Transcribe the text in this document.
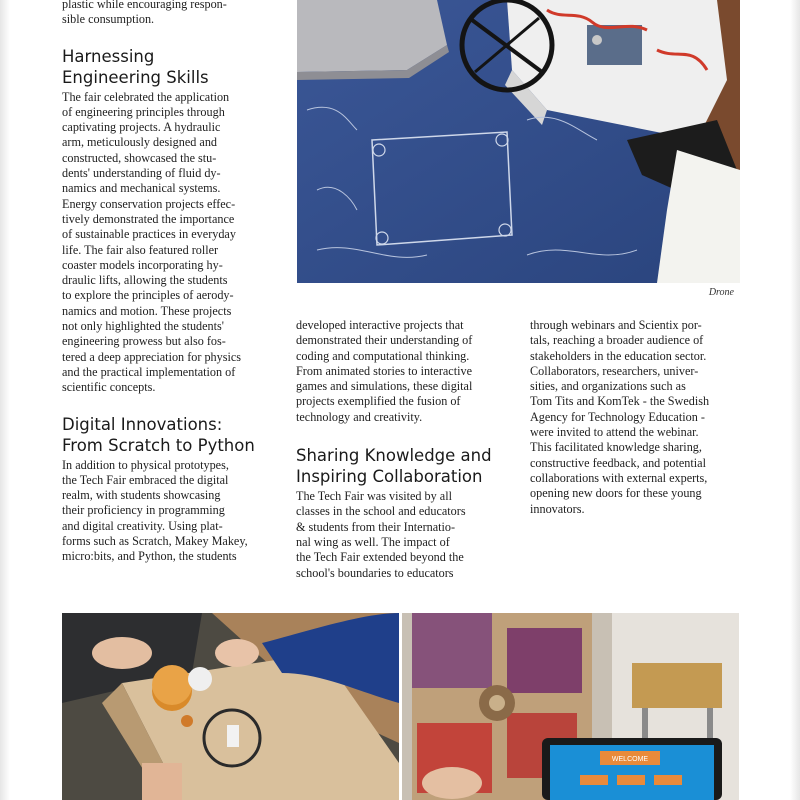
plastic while encouraging respon-
sible consumption.

Harnessing
Engineering Skills

The fair celebrated the application
of engineering principles through
captivating projects. A hydraulic
arm, meticulously designed and
constructed, showcased the stu-
dents' understanding of fluid dy-
namics and mechanical systems.
Energy conservation projects effec-
tively demonstrated the importance
of sustainable practices in everyday
life. The fair also featured roller
coaster models incorporating hy-
draulic lifts, allowing the students
to explore the principles of aerody-
namics and motion. These projects
not only highlighted the students'
engineering prowess but also fos-
tered a deep appreciation for physics
and the practical implementation of
scientific concepts.

Digital Innovations:
From Scratch to Python

In addition to physical prototypes,
the Tech Fair embraced the digital
realm, with students showcasing
their proficiency in programming
and digital creativity. Using plat-
forms such as Scratch, Makey Makey,
micro:bits, and Python, the students

Drone

developed interactive projects that
demonstrated their understanding of
coding and computational thinking.
From animated stories to interactive
games and simulations, these digital
projects exemplified the fusion of
technology and creativity.

Sharing Knowledge and
Inspiring Collaboration

The Tech Fair was visited by all
classes in the school and educators
& students from their Internatio-
nal wing as well. The impact of
the Tech Fair extended beyond the
school's boundaries to educators

through webinars and Scientix por-
tals, reaching a broader audience of
stakeholders in the education sector.
Collaborators, researchers, univer-
sities, and organizations such as
Tom Tits and KomTek - the Swedish
Agency for Technology Education -
were invited to attend the webinar.
This facilitated knowledge sharing,
constructive feedback, and potential
collaborations with external experts,
opening new doors for these young
innovators.

WELCOME
